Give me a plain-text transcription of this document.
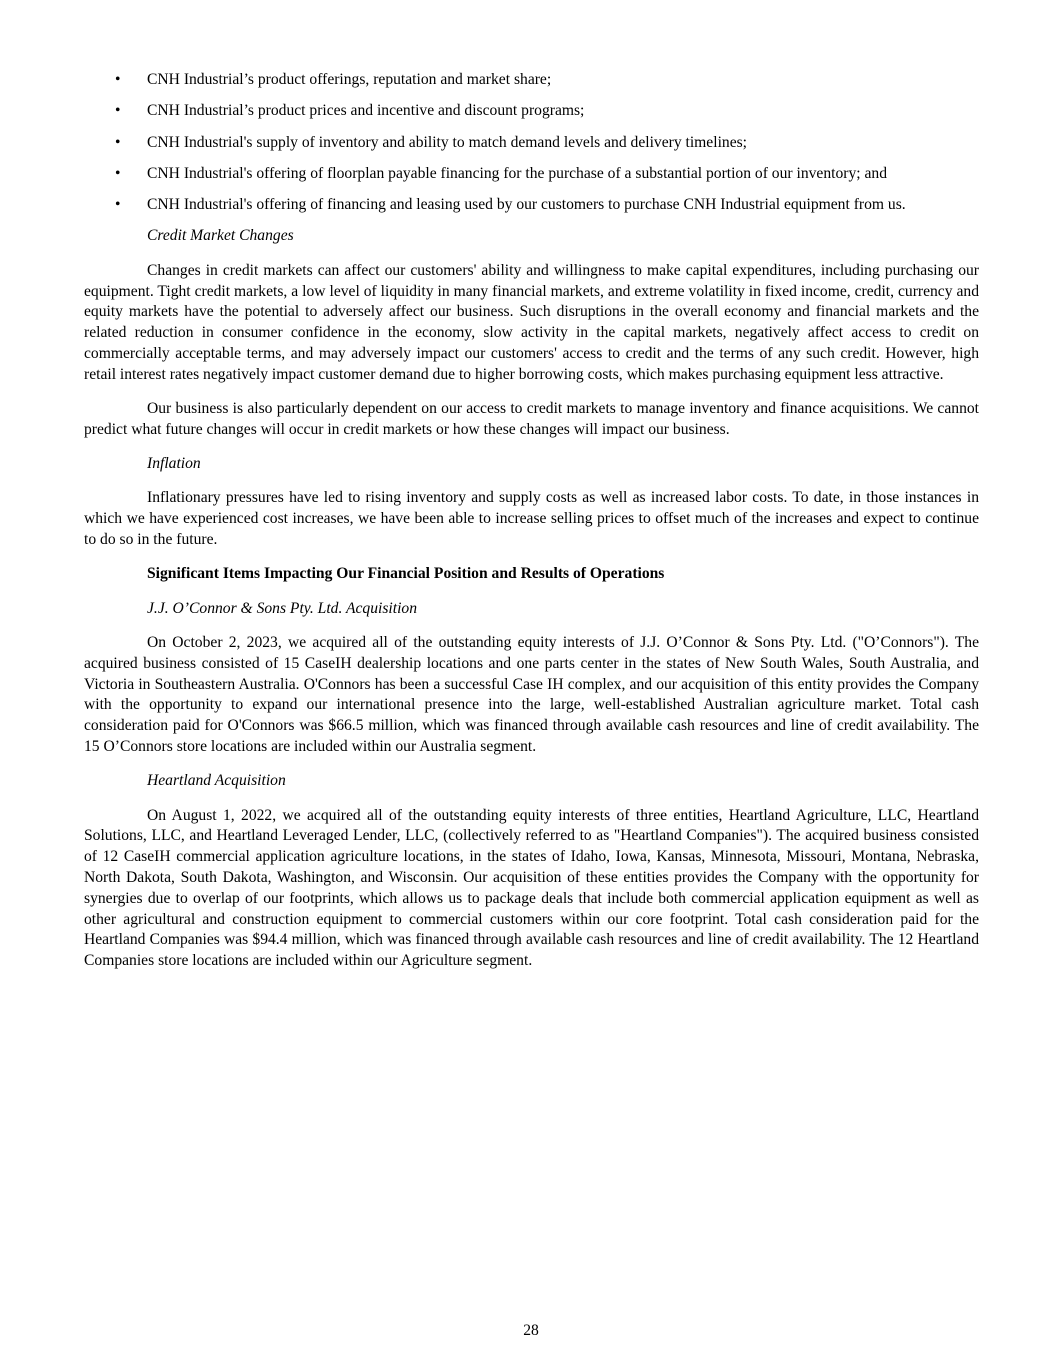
• CNH Industrial’s product offerings, reputation and market share;
• CNH Industrial’s product prices and incentive and discount programs;
• CNH Industrial's supply of inventory and ability to match demand levels and delivery timelines;
• CNH Industrial's offering of floorplan payable financing for the purchase of a substantial portion of our inventory; and
• CNH Industrial's offering of financing and leasing used by our customers to purchase CNH Industrial equipment from us.
Credit Market Changes

Changes in credit markets can affect our customers' ability and willingness to make capital expenditures, including purchasing our equipment. Tight credit markets, a low level of liquidity in many financial markets, and extreme volatility in fixed income, credit, currency and equity markets have the potential to adversely affect our business. Such disruptions in the overall economy and financial markets and the related reduction in consumer confidence in the economy, slow activity in the capital markets, negatively affect access to credit on commercially acceptable terms, and may adversely impact our customers' access to credit and the terms of any such credit. However, high retail interest rates negatively impact customer demand due to higher borrowing costs, which makes purchasing equipment less attractive.

Our business is also particularly dependent on our access to credit markets to manage inventory and finance acquisitions. We cannot predict what future changes will occur in credit markets or how these changes will impact our business.

Inflation

Inflationary pressures have led to rising inventory and supply costs as well as increased labor costs. To date, in those instances in which we have experienced cost increases, we have been able to increase selling prices to offset much of the increases and expect to continue to do so in the future.

Significant Items Impacting Our Financial Position and Results of Operations
J.J. O’Connor & Sons Pty. Ltd. Acquisition

On October 2, 2023, we acquired all of the outstanding equity interests of J.J. O’Connor & Sons Pty. Ltd. ("O’Connors"). The acquired business consisted of 15 CaseIH dealership locations and one parts center in the states of New South Wales, South Australia, and Victoria in Southeastern Australia. O'Connors has been a successful Case IH complex, and our acquisition of this entity provides the Company with the opportunity to expand our international presence into the large, well-established Australian agriculture market. Total cash consideration paid for O'Connors was $66.5 million, which was financed through available cash resources and line of credit availability. The 15 O’Connors store locations are included within our Australia segment.

Heartland Acquisition

On August 1, 2022, we acquired all of the outstanding equity interests of three entities, Heartland Agriculture, LLC, Heartland Solutions, LLC, and Heartland Leveraged Lender, LLC, (collectively referred to as "Heartland Companies"). The acquired business consisted of 12 CaseIH commercial application agriculture locations, in the states of Idaho, Iowa, Kansas, Minnesota, Missouri, Montana, Nebraska, North Dakota, South Dakota, Washington, and Wisconsin. Our acquisition of these entities provides the Company with the opportunity for synergies due to overlap of our footprints, which allows us to package deals that include both commercial application equipment as well as other agricultural and construction equipment to commercial customers within our core footprint. Total cash consideration paid for the Heartland Companies was $94.4 million, which was financed through available cash resources and line of credit availability. The 12 Heartland Companies store locations are included within our Agriculture segment.

28
